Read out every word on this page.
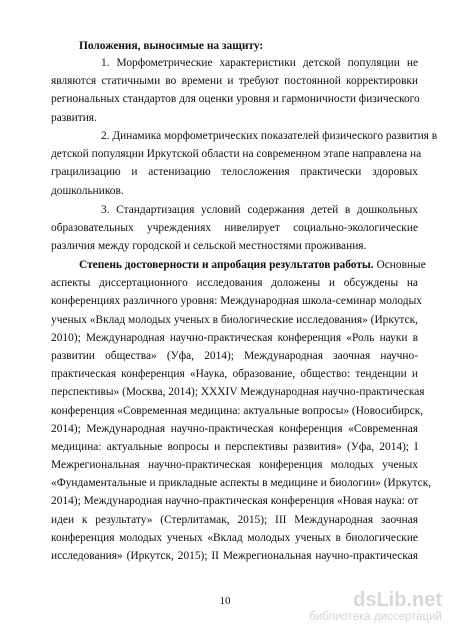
Положения, выносимые на защиту:
1. Морфометрические характеристики детской популяции не
являются статичными во времени и требуют постоянной корректировки
региональных стандартов для оценки уровня и гармоничности физического
развития.
2. Динамика морфометрических показателей физического развития в
детской популяции Иркутской области на современном этапе направлена на
грацилизацию и астенизацию телосложения практически здоровых
дошкольников.
3. Стандартизация условий содержания детей в дошкольных
образовательных учреждениях нивелирует социально-экологические
различия между городской и сельской местностями проживания.
Степень достоверности и апробация результатов работы. Основные
аспекты диссертационного исследования доложены и обсуждены на
конференциях различного уровня: Международная школа-семинар молодых
ученых «Вклад молодых ученых в биологические исследования» (Иркутск,
2010); Международная научно-практическая конференция «Роль науки в
развитии общества» (Уфа, 2014); Международная заочная научно-
практическая конференция «Наука, образование, общество: тенденции и
перспективы» (Москва, 2014); XXXIV Международная научно-практическая
конференция «Современная медицина: актуальные вопросы» (Новосибирск,
2014); Международная научно-практическая конференция «Современная
медицина: актуальные вопросы и перспективы развития» (Уфа, 2014); I
Межрегиональная научно-практическая конференция молодых ученых
«Фундаментальные и прикладные аспекты в медицине и биологии» (Иркутск,
2014); Международная научно-практическая конференция «Новая наука: от
идеи к результату» (Стерлитамак, 2015); III Международная заочная
конференция молодых ученых «Вклад молодых ученых в биологические
исследования» (Иркутск, 2015); II Межрегиональная научно-практическая
10	dsLib.net
библиотека диссертаций
